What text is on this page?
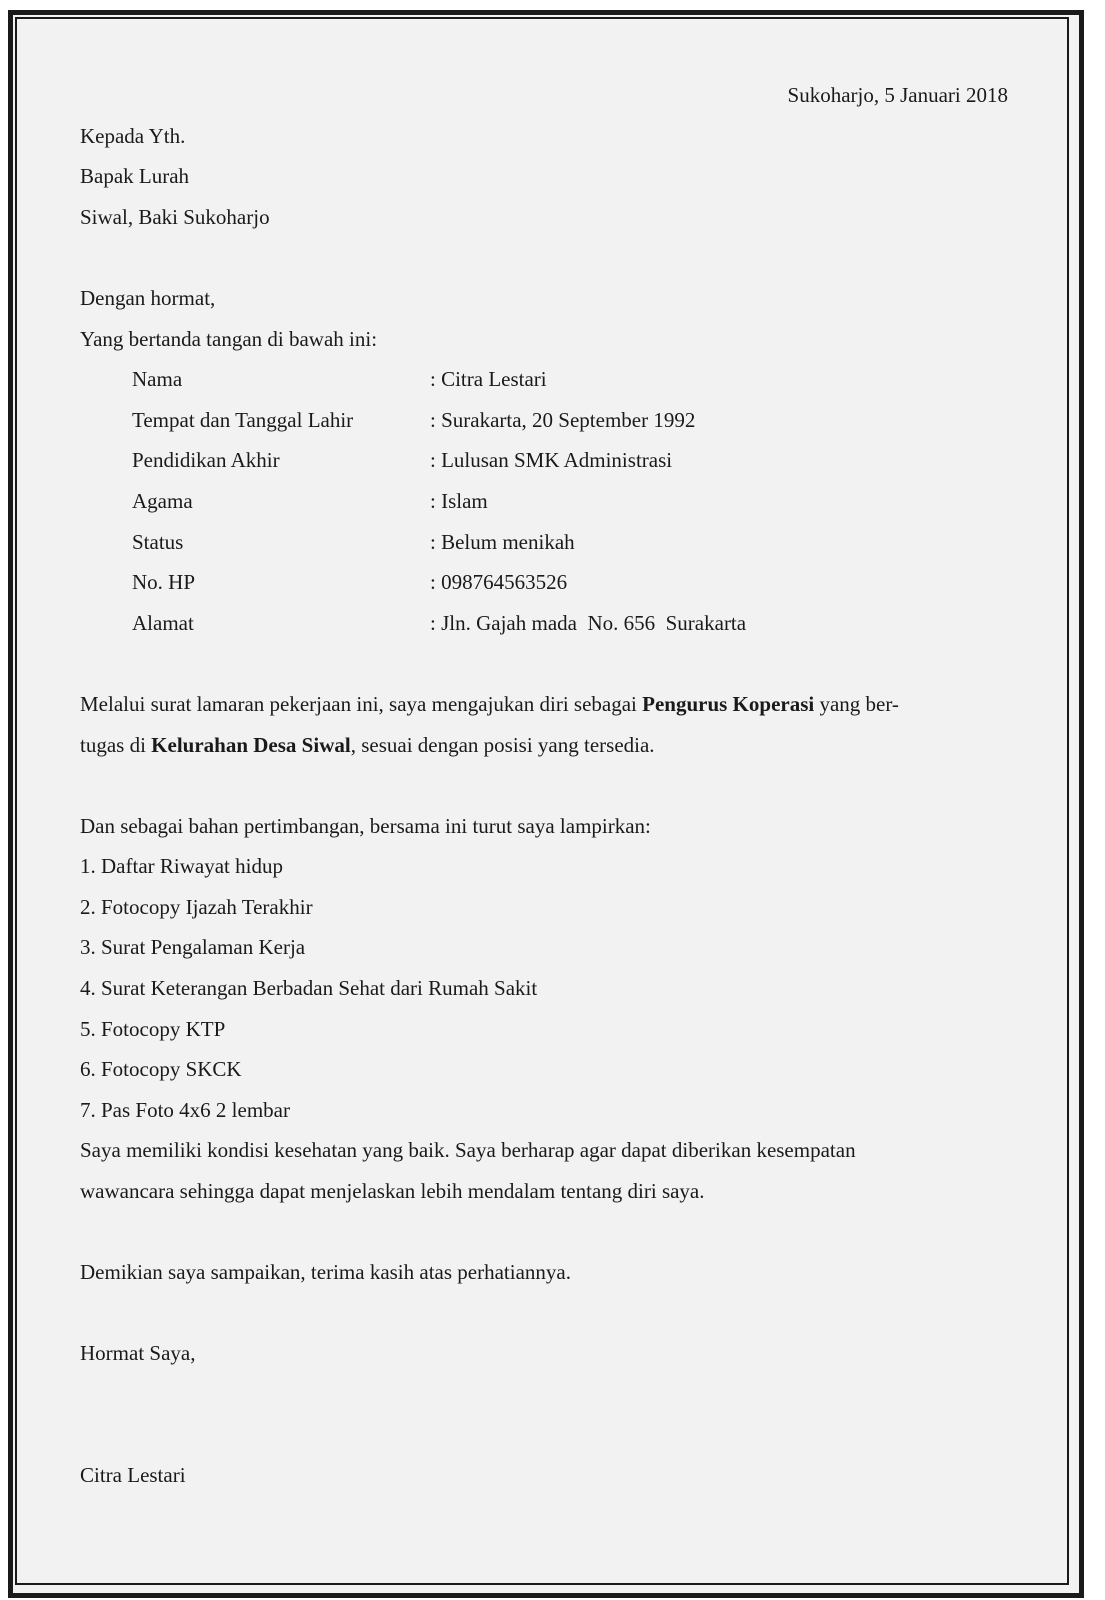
Sukoharjo, 5 Januari 2018
Kepada Yth.
Bapak Lurah
Siwal, Baki Sukoharjo
Dengan hormat,
Yang bertanda tangan di bawah ini:
Nama	: Citra Lestari
Tempat dan Tanggal Lahir	: Surakarta, 20 September 1992
Pendidikan Akhir	: Lulusan SMK Administrasi
Agama	: Islam
Status	: Belum menikah
No. HP	: 098764563526
Alamat	: Jln. Gajah mada  No. 656  Surakarta
Melalui surat lamaran pekerjaan ini, saya mengajukan diri sebagai Pengurus Koperasi yang ber-
tugas di Kelurahan Desa Siwal, sesuai dengan posisi yang tersedia.
Dan sebagai bahan pertimbangan, bersama ini turut saya lampirkan:
1. Daftar Riwayat hidup
2. Fotocopy Ijazah Terakhir
3. Surat Pengalaman Kerja
4. Surat Keterangan Berbadan Sehat dari Rumah Sakit
5. Fotocopy KTP
6. Fotocopy SKCK
7. Pas Foto 4x6 2 lembar
Saya memiliki kondisi kesehatan yang baik. Saya berharap agar dapat diberikan kesempatan
wawancara sehingga dapat menjelaskan lebih mendalam tentang diri saya.
Demikian saya sampaikan, terima kasih atas perhatiannya.
Hormat Saya,
Citra Lestari
